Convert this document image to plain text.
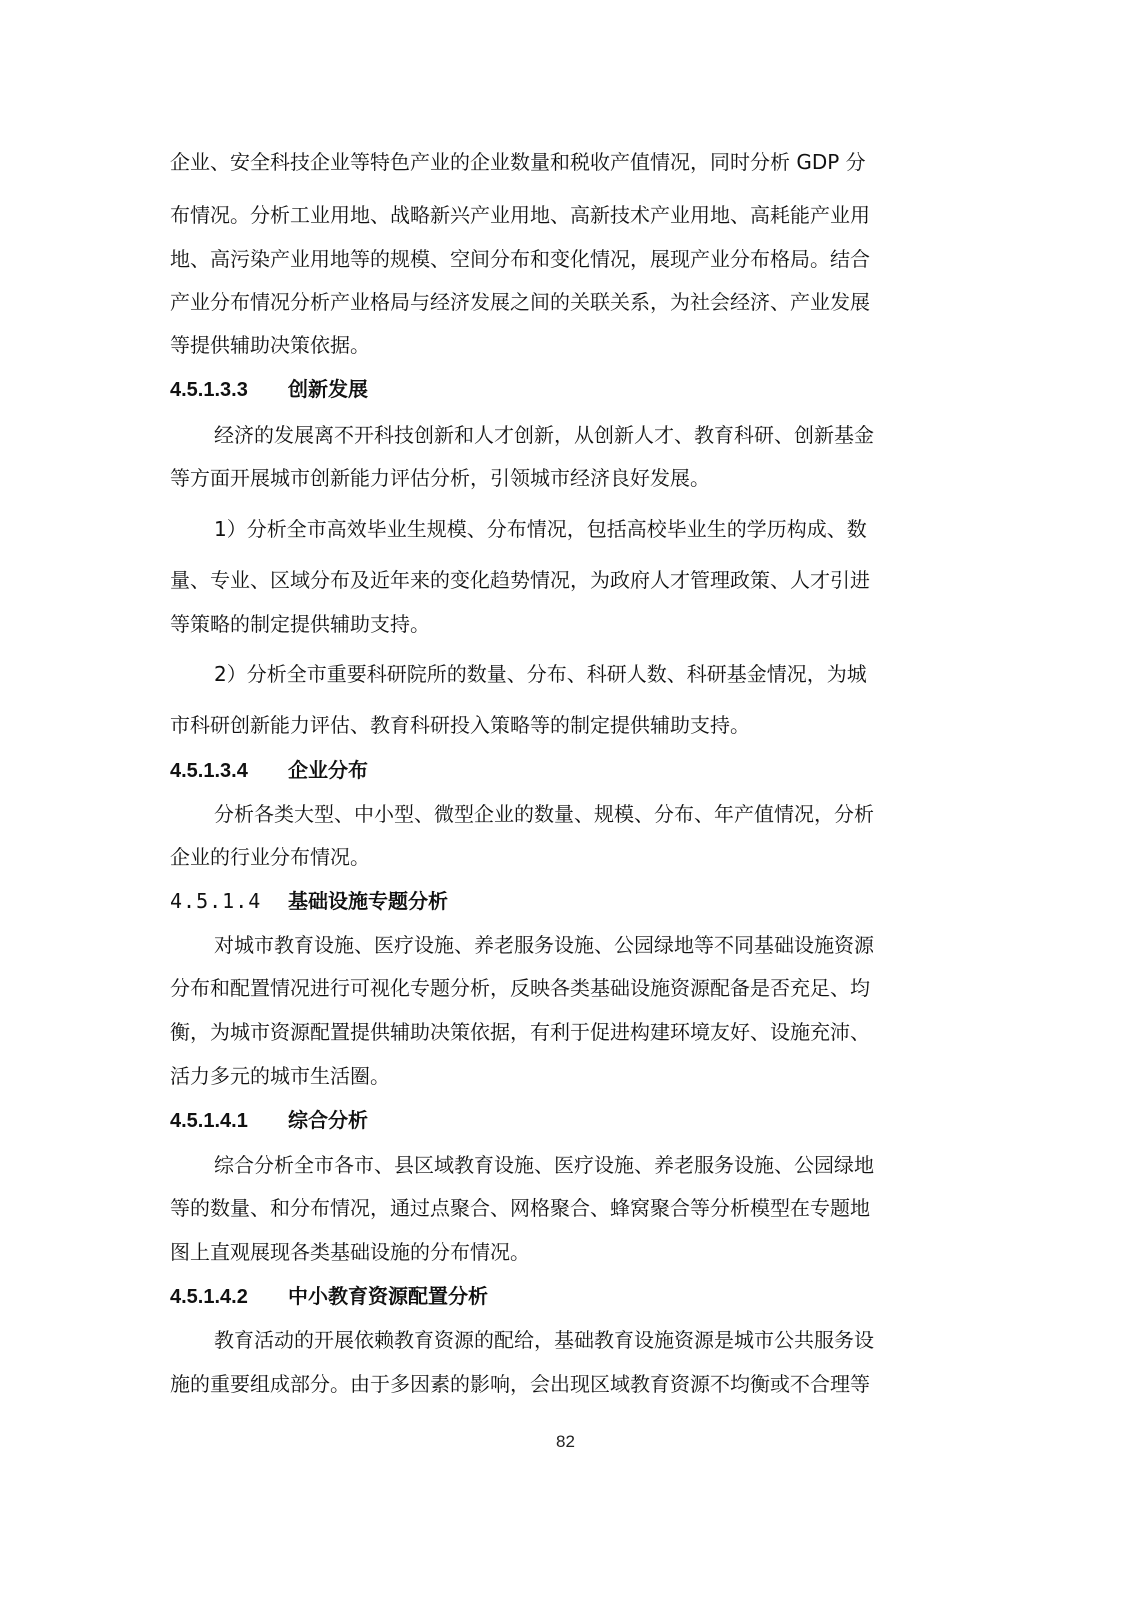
企业、安全科技企业等特色产业的企业数量和税收产值情况，同时分析 GDP 分
布情况。分析工业用地、战略新兴产业用地、高新技术产业用地、高耗能产业用
地、高污染产业用地等的规模、空间分布和变化情况，展现产业分布格局。结合
产业分布情况分析产业格局与经济发展之间的关联关系，为社会经济、产业发展
等提供辅助决策依据。
4.5.1.3.3 创新发展
经济的发展离不开科技创新和人才创新，从创新人才、教育科研、创新基金
等方面开展城市创新能力评估分析，引领城市经济良好发展。
1）分析全市高效毕业生规模、分布情况，包括高校毕业生的学历构成、数
量、专业、区域分布及近年来的变化趋势情况，为政府人才管理政策、人才引进
等策略的制定提供辅助支持。
2）分析全市重要科研院所的数量、分布、科研人数、科研基金情况，为城
市科研创新能力评估、教育科研投入策略等的制定提供辅助支持。
4.5.1.3.4 企业分布
分析各类大型、中小型、微型企业的数量、规模、分布、年产值情况，分析
企业的行业分布情况。
4.5.1.4 基础设施专题分析
对城市教育设施、医疗设施、养老服务设施、公园绿地等不同基础设施资源
分布和配置情况进行可视化专题分析，反映各类基础设施资源配备是否充足、均
衡，为城市资源配置提供辅助决策依据，有利于促进构建环境友好、设施充沛、
活力多元的城市生活圈。
4.5.1.4.1 综合分析
综合分析全市各市、县区域教育设施、医疗设施、养老服务设施、公园绿地
等的数量、和分布情况，通过点聚合、网格聚合、蜂窝聚合等分析模型在专题地
图上直观展现各类基础设施的分布情况。
4.5.1.4.2 中小教育资源配置分析
教育活动的开展依赖教育资源的配给，基础教育设施资源是城市公共服务设
施的重要组成部分。由于多因素的影响，会出现区域教育资源不均衡或不合理等
82
